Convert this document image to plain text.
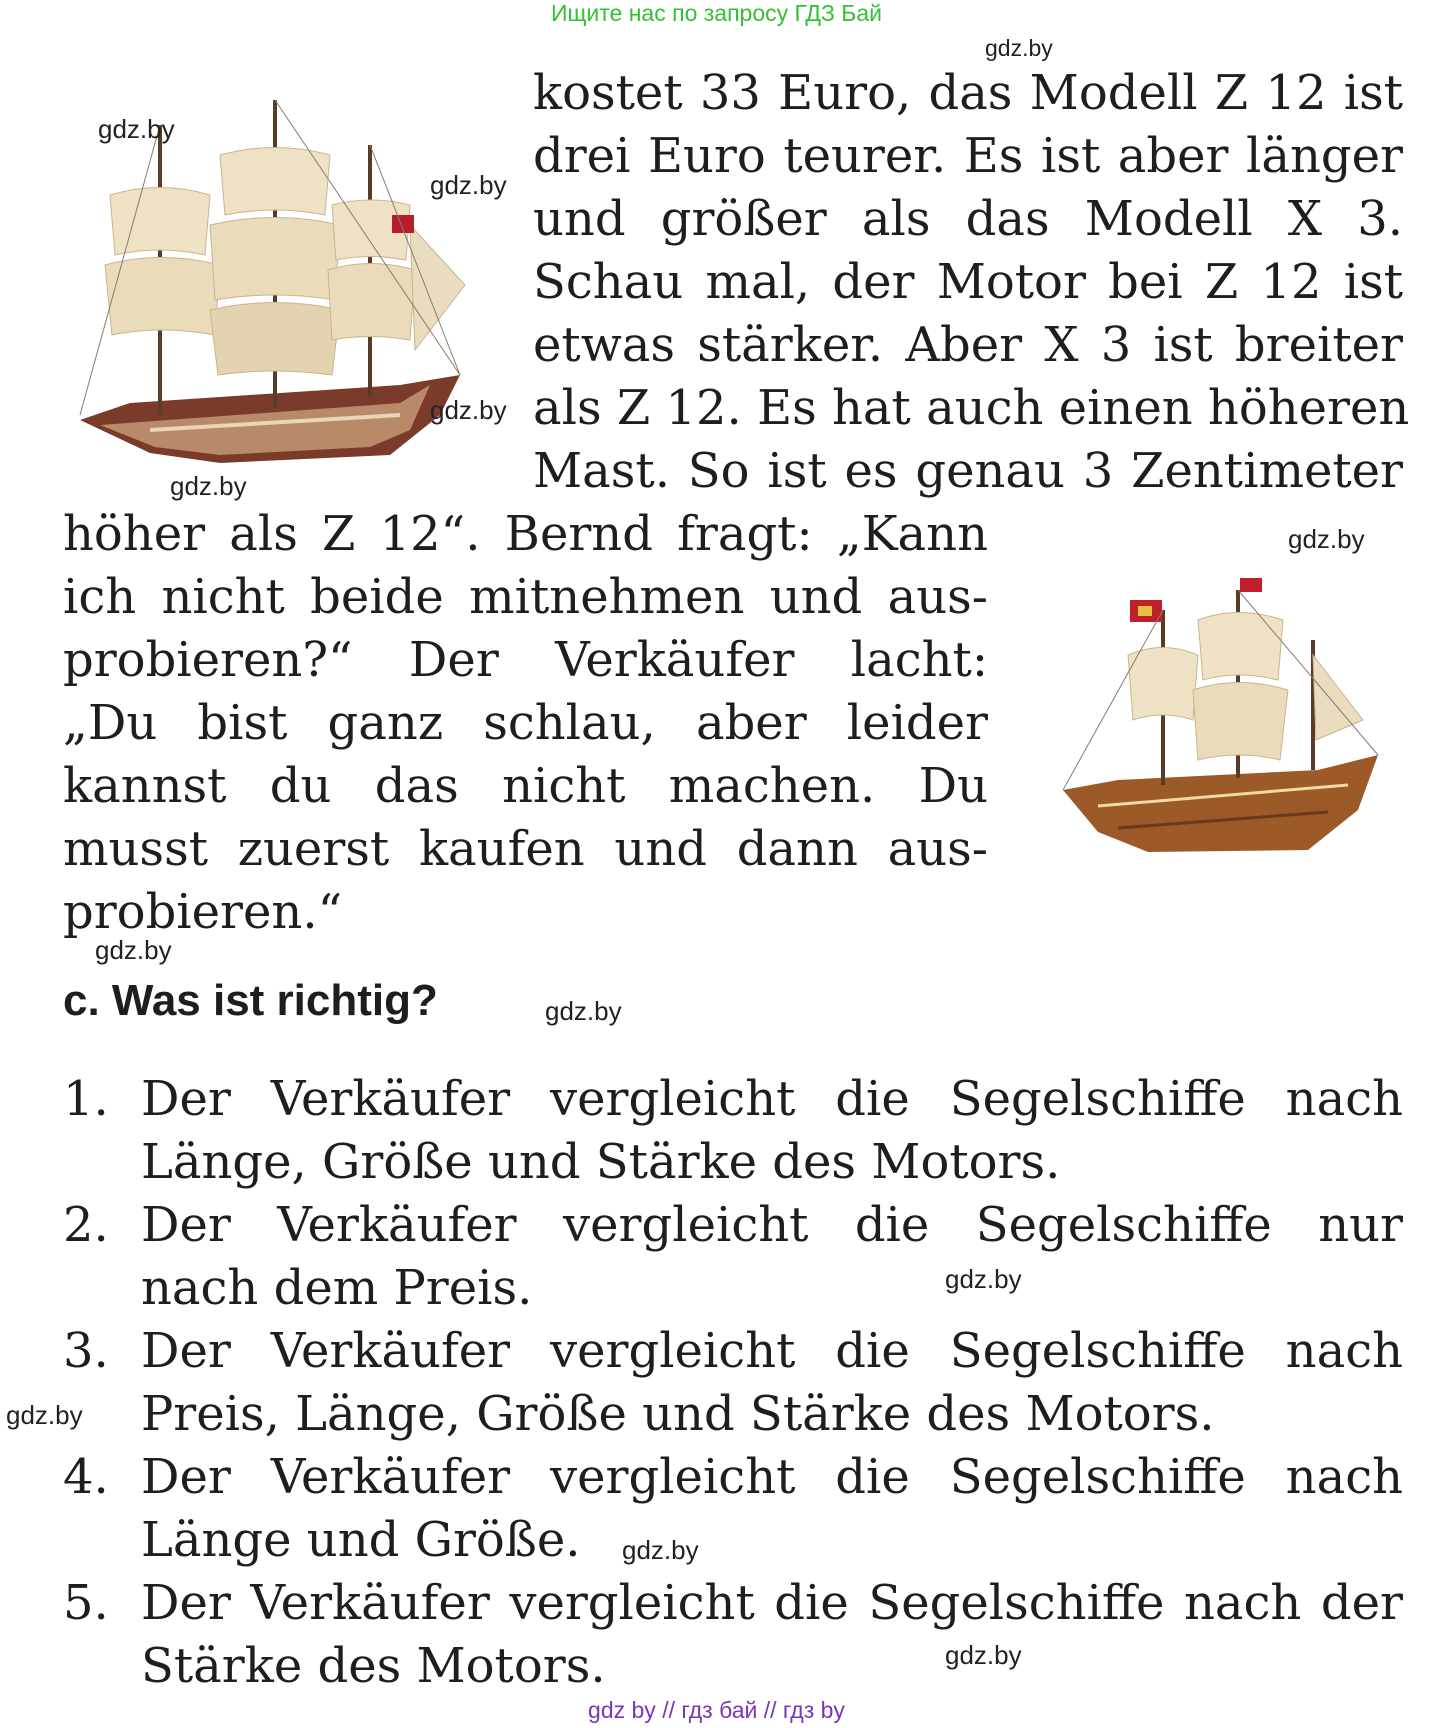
Ищите нас по запросу ГДЗ Бай
kostet 33 Euro, das Modell Z 12 ist
drei Euro teurer. Es ist aber länger
und größer als das Modell X 3.
Schau mal, der Motor bei Z 12 ist
etwas stärker. Aber X 3 ist breiter
als Z 12. Es hat auch einen höheren
Mast. So ist es genau 3 Zentimeter
höher als Z 12“. Bernd fragt: „Kann
ich nicht beide mitnehmen und aus-
probieren?“ Der Verkäufer lacht:
„Du bist ganz schlau, aber leider
kannst du das nicht machen. Du
musst zuerst kaufen und dann aus-
probieren.“
c. Was ist richtig?
1. Der Verkäufer vergleicht die Segelschiffe nach
Länge, Größe und Stärke des Motors.
2. Der Verkäufer vergleicht die Segelschiffe nur
nach dem Preis.
3. Der Verkäufer vergleicht die Segelschiffe nach
Preis, Länge, Größe und Stärke des Motors.
4. Der Verkäufer vergleicht die Segelschiffe nach
Länge und Größe.
5. Der Verkäufer vergleicht die Segelschiffe nach der
Stärke des Motors.
gdz.by
gdz.by
gdz.by
gdz.by
gdz.by
gdz.by
gdz.by
gdz.by
gdz.by
gdz.by
gdz.by
gdz.by
gdz by // гдз бай // гдз by
